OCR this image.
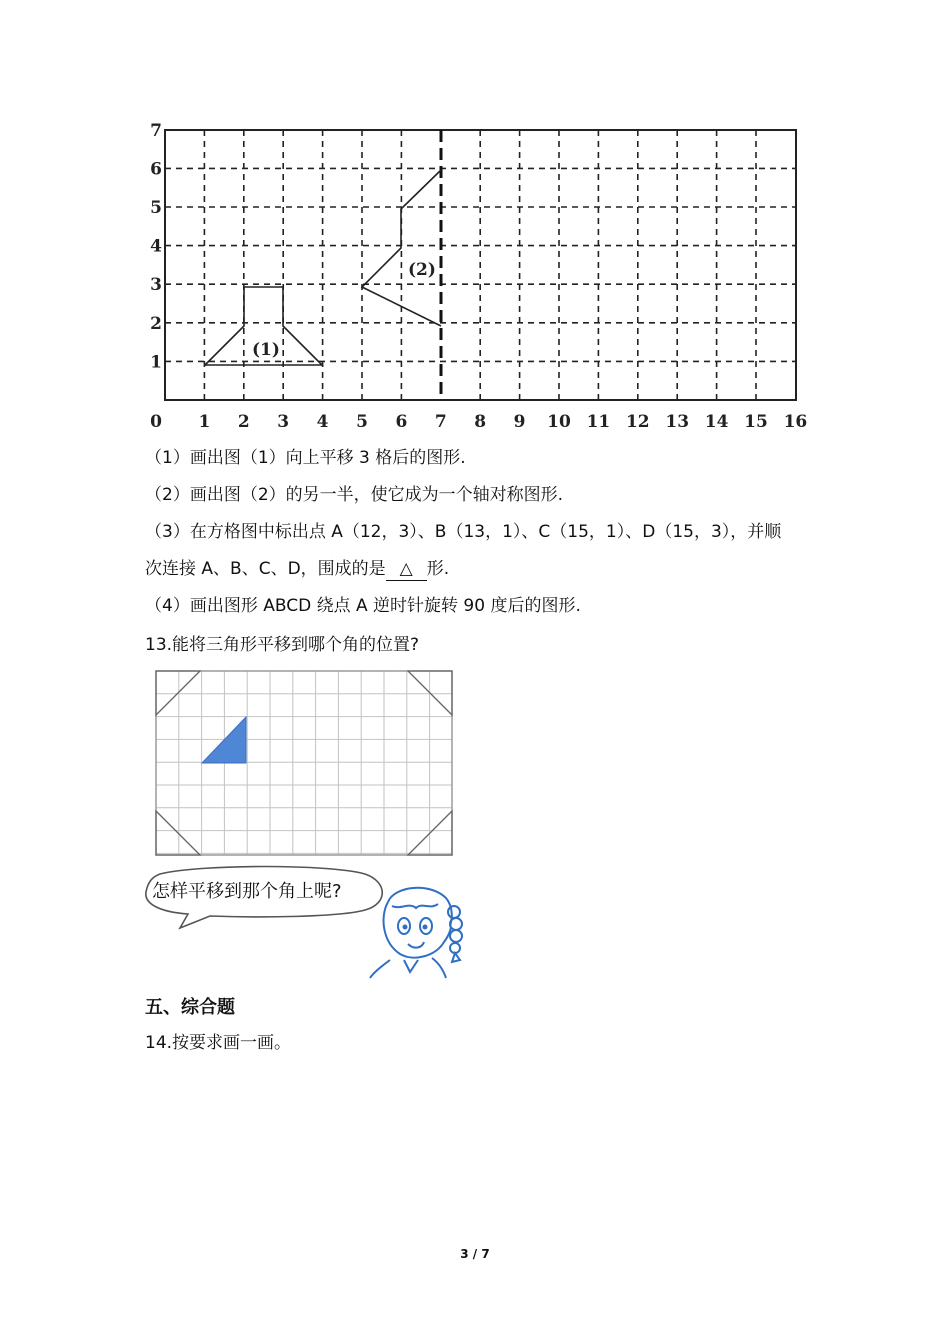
(1)
(2)
0 1 2 3 4 5 6 7 8 9 10 11 12 13 14 15 16
1
2
3
4
5
6
7
（1）画出图（1）向上平移 3 格后的图形.
（2）画出图（2）的另一半，使它成为一个轴对称图形.
（3）在方格图中标出点 A（12，3）、B（13，1）、C（15，1）、D（15，3），并顺
次连接 A、B、C、D，围成的是 △ 形.
（4）画出图形 ABCD 绕点 A 逆时针旋转 90 度后的图形.
13.能将三角形平移到哪个角的位置?
怎样平移到那个角上呢?
五、综合题
14.按要求画一画。
3 / 7
